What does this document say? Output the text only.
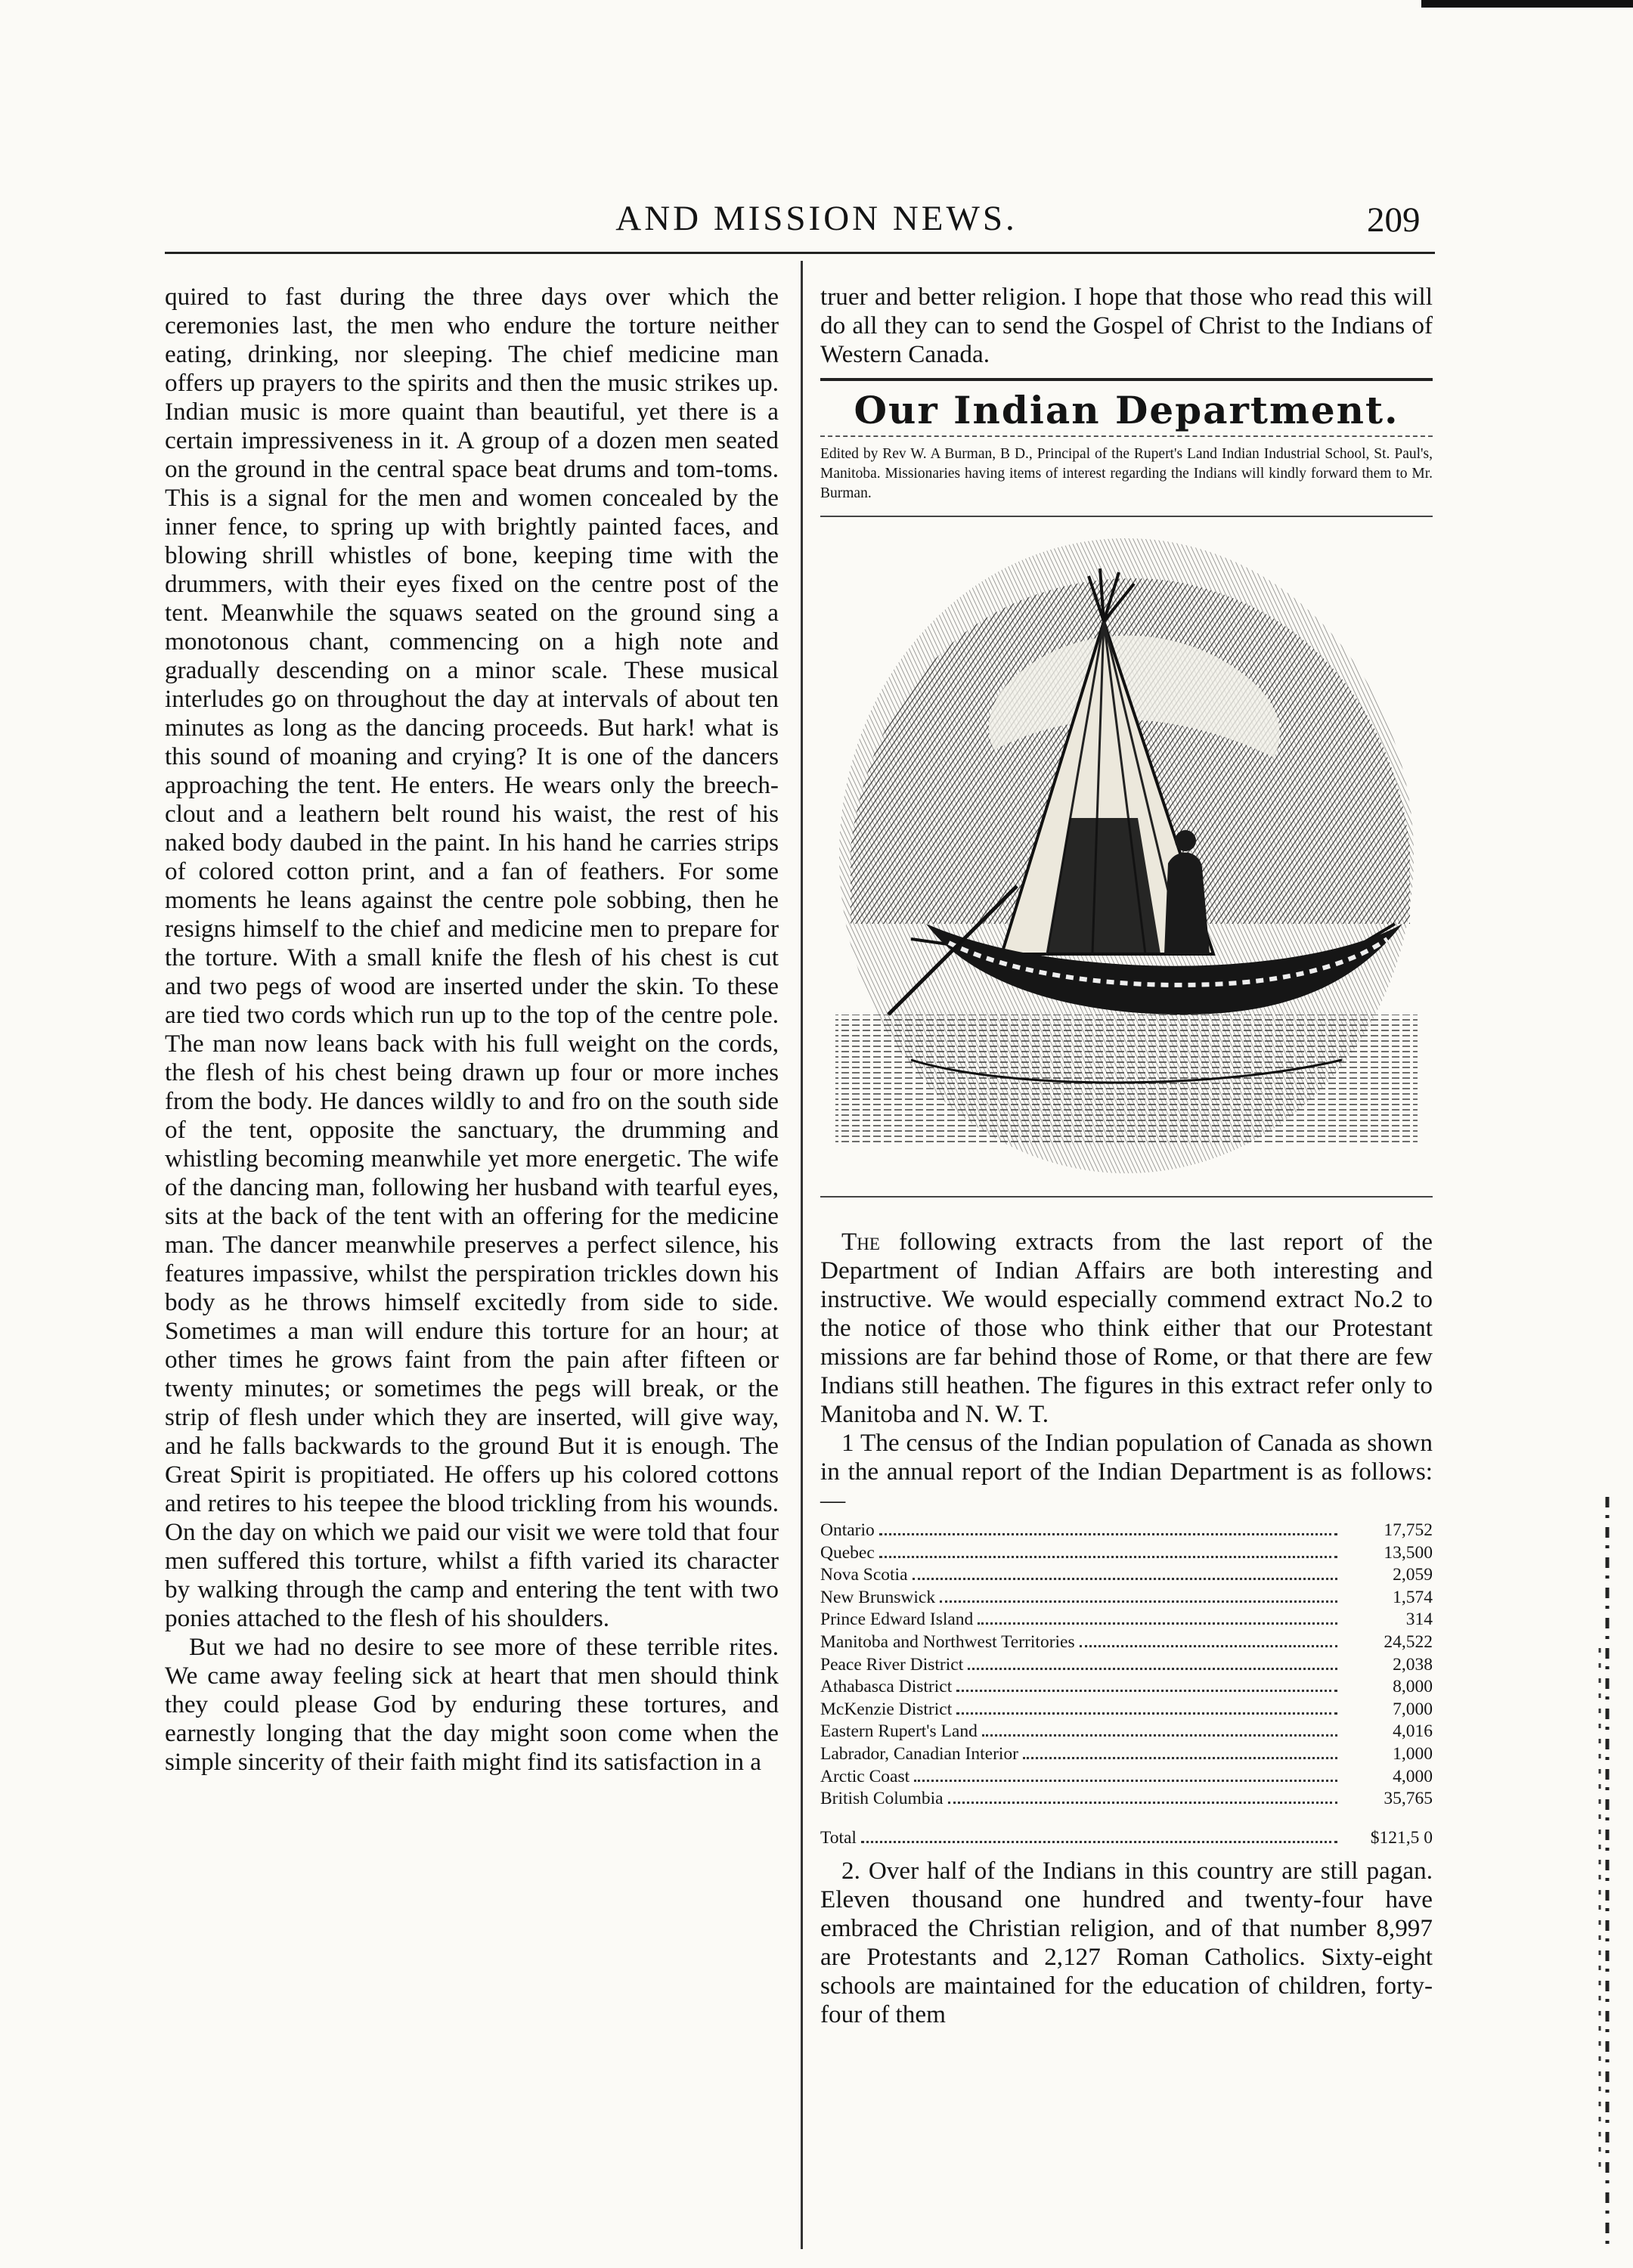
AND MISSION NEWS.	209

quired to fast during the three days over which the ceremonies last, the men who endure the torture neither eating, drinking, nor sleeping. The chief medicine man offers up prayers to the spirits and then the music strikes up. Indian music is more quaint than beautiful, yet there is a certain impressiveness in it. A group of a dozen men seated on the ground in the central space beat drums and tom-toms. This is a signal for the men and women concealed by the inner fence, to spring up with brightly painted faces, and blowing shrill whistles of bone, keeping time with the drummers, with their eyes fixed on the centre post of the tent. Meanwhile the squaws seated on the ground sing a monotonous chant, commencing on a high note and gradually descending on a minor scale. These musical interludes go on throughout the day at intervals of about ten minutes as long as the dancing proceeds. But hark! what is this sound of moaning and crying? It is one of the dancers approaching the tent. He enters. He wears only the breech-clout and a leathern belt round his waist, the rest of his naked body daubed in the paint. In his hand he carries strips of colored cotton print, and a fan of feathers. For some moments he leans against the centre pole sobbing, then he resigns himself to the chief and medicine men to prepare for the torture. With a small knife the flesh of his chest is cut and two pegs of wood are inserted under the skin. To these are tied two cords which run up to the top of the centre pole. The man now leans back with his full weight on the cords, the flesh of his chest being drawn up four or more inches from the body. He dances wildly to and fro on the south side of the tent, opposite the sanctuary, the drumming and whistling becoming meanwhile yet more energetic. The wife of the dancing man, following her husband with tearful eyes, sits at the back of the tent with an offering for the medicine man. The dancer meanwhile preserves a perfect silence, his features impassive, whilst the perspiration trickles down his body as he throws himself excitedly from side to side. Sometimes a man will endure this torture for an hour; at other times he grows faint from the pain after fifteen or twenty minutes; or sometimes the pegs will break, or the strip of flesh under which they are inserted, will give way, and he falls backwards to the ground But it is enough. The Great Spirit is propitiated. He offers up his colored cottons and retires to his teepee the blood trickling from his wounds. On the day on which we paid our visit we were told that four men suffered this torture, whilst a fifth varied its character by walking through the camp and entering the tent with two ponies attached to the flesh of his shoulders.

But we had no desire to see more of these terrible rites. We came away feeling sick at heart that men should think they could please God by enduring these tortures, and earnestly longing that the day might soon come when the simple sincerity of their faith might find its satisfaction in a

truer and better religion. I hope that those who read this will do all they can to send the Gospel of Christ to the Indians of Western Canada.

Our Indian Department.

Edited by Rev W. A Burman, B D., Principal of the Rupert's Land Indian Industrial School, St. Paul's, Manitoba. Missionaries having items of interest regarding the Indians will kindly forward them to Mr. Burman.

The following extracts from the last report of the Department of Indian Affairs are both interesting and instructive. We would especially commend extract No.2 to the notice of those who think either that our Protestant missions are far behind those of Rome, or that there are few Indians still heathen. The figures in this extract refer only to Manitoba and N. W. T.

1 The census of the Indian population of Canada as shown in the annual report of the Indian Department is as follows:—

Ontario	17,752
Quebec	13,500
Nova Scotia	2,059
New Brunswick	1,574
Prince Edward Island	314
Manitoba and Northwest Territories	24,522
Peace River District	2,038
Athabasca District	8,000
McKenzie District	7,000
Eastern Rupert's Land	4,016
Labrador, Canadian Interior	1,000
Arctic Coast	4,000
British Columbia	35,765
Total	$121,5 0

2. Over half of the Indians in this country are still pagan. Eleven thousand one hundred and twenty-four have embraced the Christian religion, and of that number 8,997 are Protestants and 2,127 Roman Catholics. Sixty-eight schools are maintained for the education of children, forty-four of them
